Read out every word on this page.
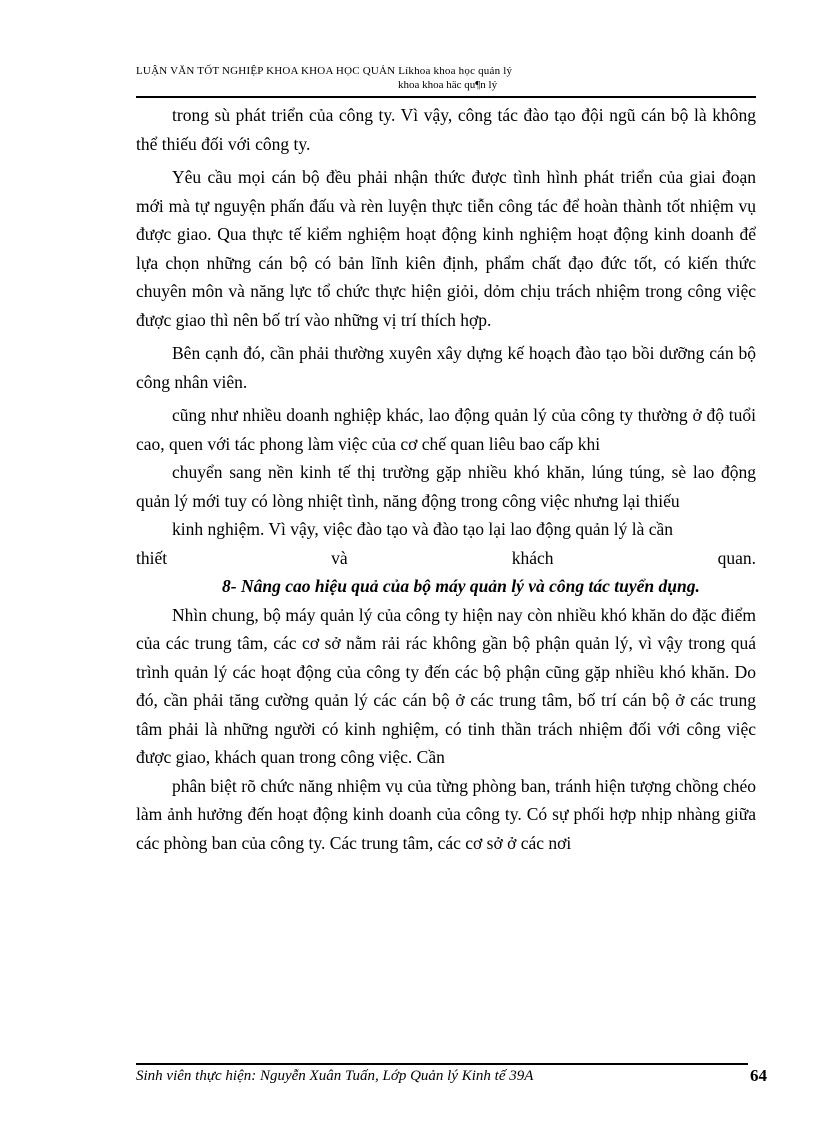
LUẬN VĂN TỐT NGHIỆP KHOA KHOA HỌC QUẢN Líkhoa khoa học quản lý
khoa khoa häc qu¶n lý

trong sù phát triển của công ty. Vì vậy, công tác đào tạo đội ngũ cán bộ là không thể thiếu đối với công ty.

Yêu cầu mọi cán bộ đều phải nhận thức được tình hình phát triển của giai đoạn mới mà tự nguyện phấn đấu và rèn luyện thực tiễn công tác để hoàn thành tốt nhiệm vụ được giao. Qua thực tế kiểm nghiệm hoạt động kinh nghiệm hoạt động kinh doanh để lựa chọn những cán bộ có bản lĩnh kiên định, phẩm chất đạo đức tốt, có kiến thức chuyên môn và năng lực tổ chức thực hiện giỏi, dỏm chịu trách nhiệm trong công việc được giao thì nên bố trí vào những vị trí thích hợp.

Bên cạnh đó, cần phải thường xuyên xây dựng kế hoạch đào tạo bồi dưỡng cán bộ công nhân viên.

cũng như nhiều doanh nghiệp khác, lao động quản lý của công ty thường ở độ tuổi cao, quen với tác phong làm việc của cơ chế quan liêu bao cấp khi

chuyển sang nền kinh tế thị trường gặp nhiều khó khăn, lúng túng, sè lao động quản lý mới tuy có lòng nhiệt tình, năng động trong công việc nhưng lại thiếu

kinh nghiệm. Vì vậy, việc đào tạo và đào tạo lại lao động quản lý là cần

thiết	và	khách	quan.

8- Nâng cao hiệu quả của bộ máy quản lý và công tác tuyển dụng.

Nhìn chung, bộ máy quản lý của công ty hiện nay còn nhiều khó khăn do đặc điểm của các trung tâm, các cơ sở nằm rải rác không gần bộ phận quản lý, vì vậy trong quá trình quản lý các hoạt động của công ty đến các bộ phận cũng gặp nhiều khó khăn. Do đó, cần phải tăng cường quản lý các cán bộ ở các trung tâm, bố trí cán bộ ở các trung tâm phải là những người có kinh nghiệm, có tinh thần trách nhiệm đối với công việc được giao, khách quan trong công việc. Cần

phân biệt rõ chức năng nhiệm vụ của từng phòng ban, tránh hiện tượng chồng chéo làm ảnh hưởng đến hoạt động kinh doanh của công ty. Có sự phối hợp nhịp nhàng giữa các phòng ban của công ty. Các trung tâm, các cơ sở ở các nơi

Sinh viên thực hiện: Nguyễn Xuân Tuấn, Lớp Quản lý Kinh tế 39A	64
